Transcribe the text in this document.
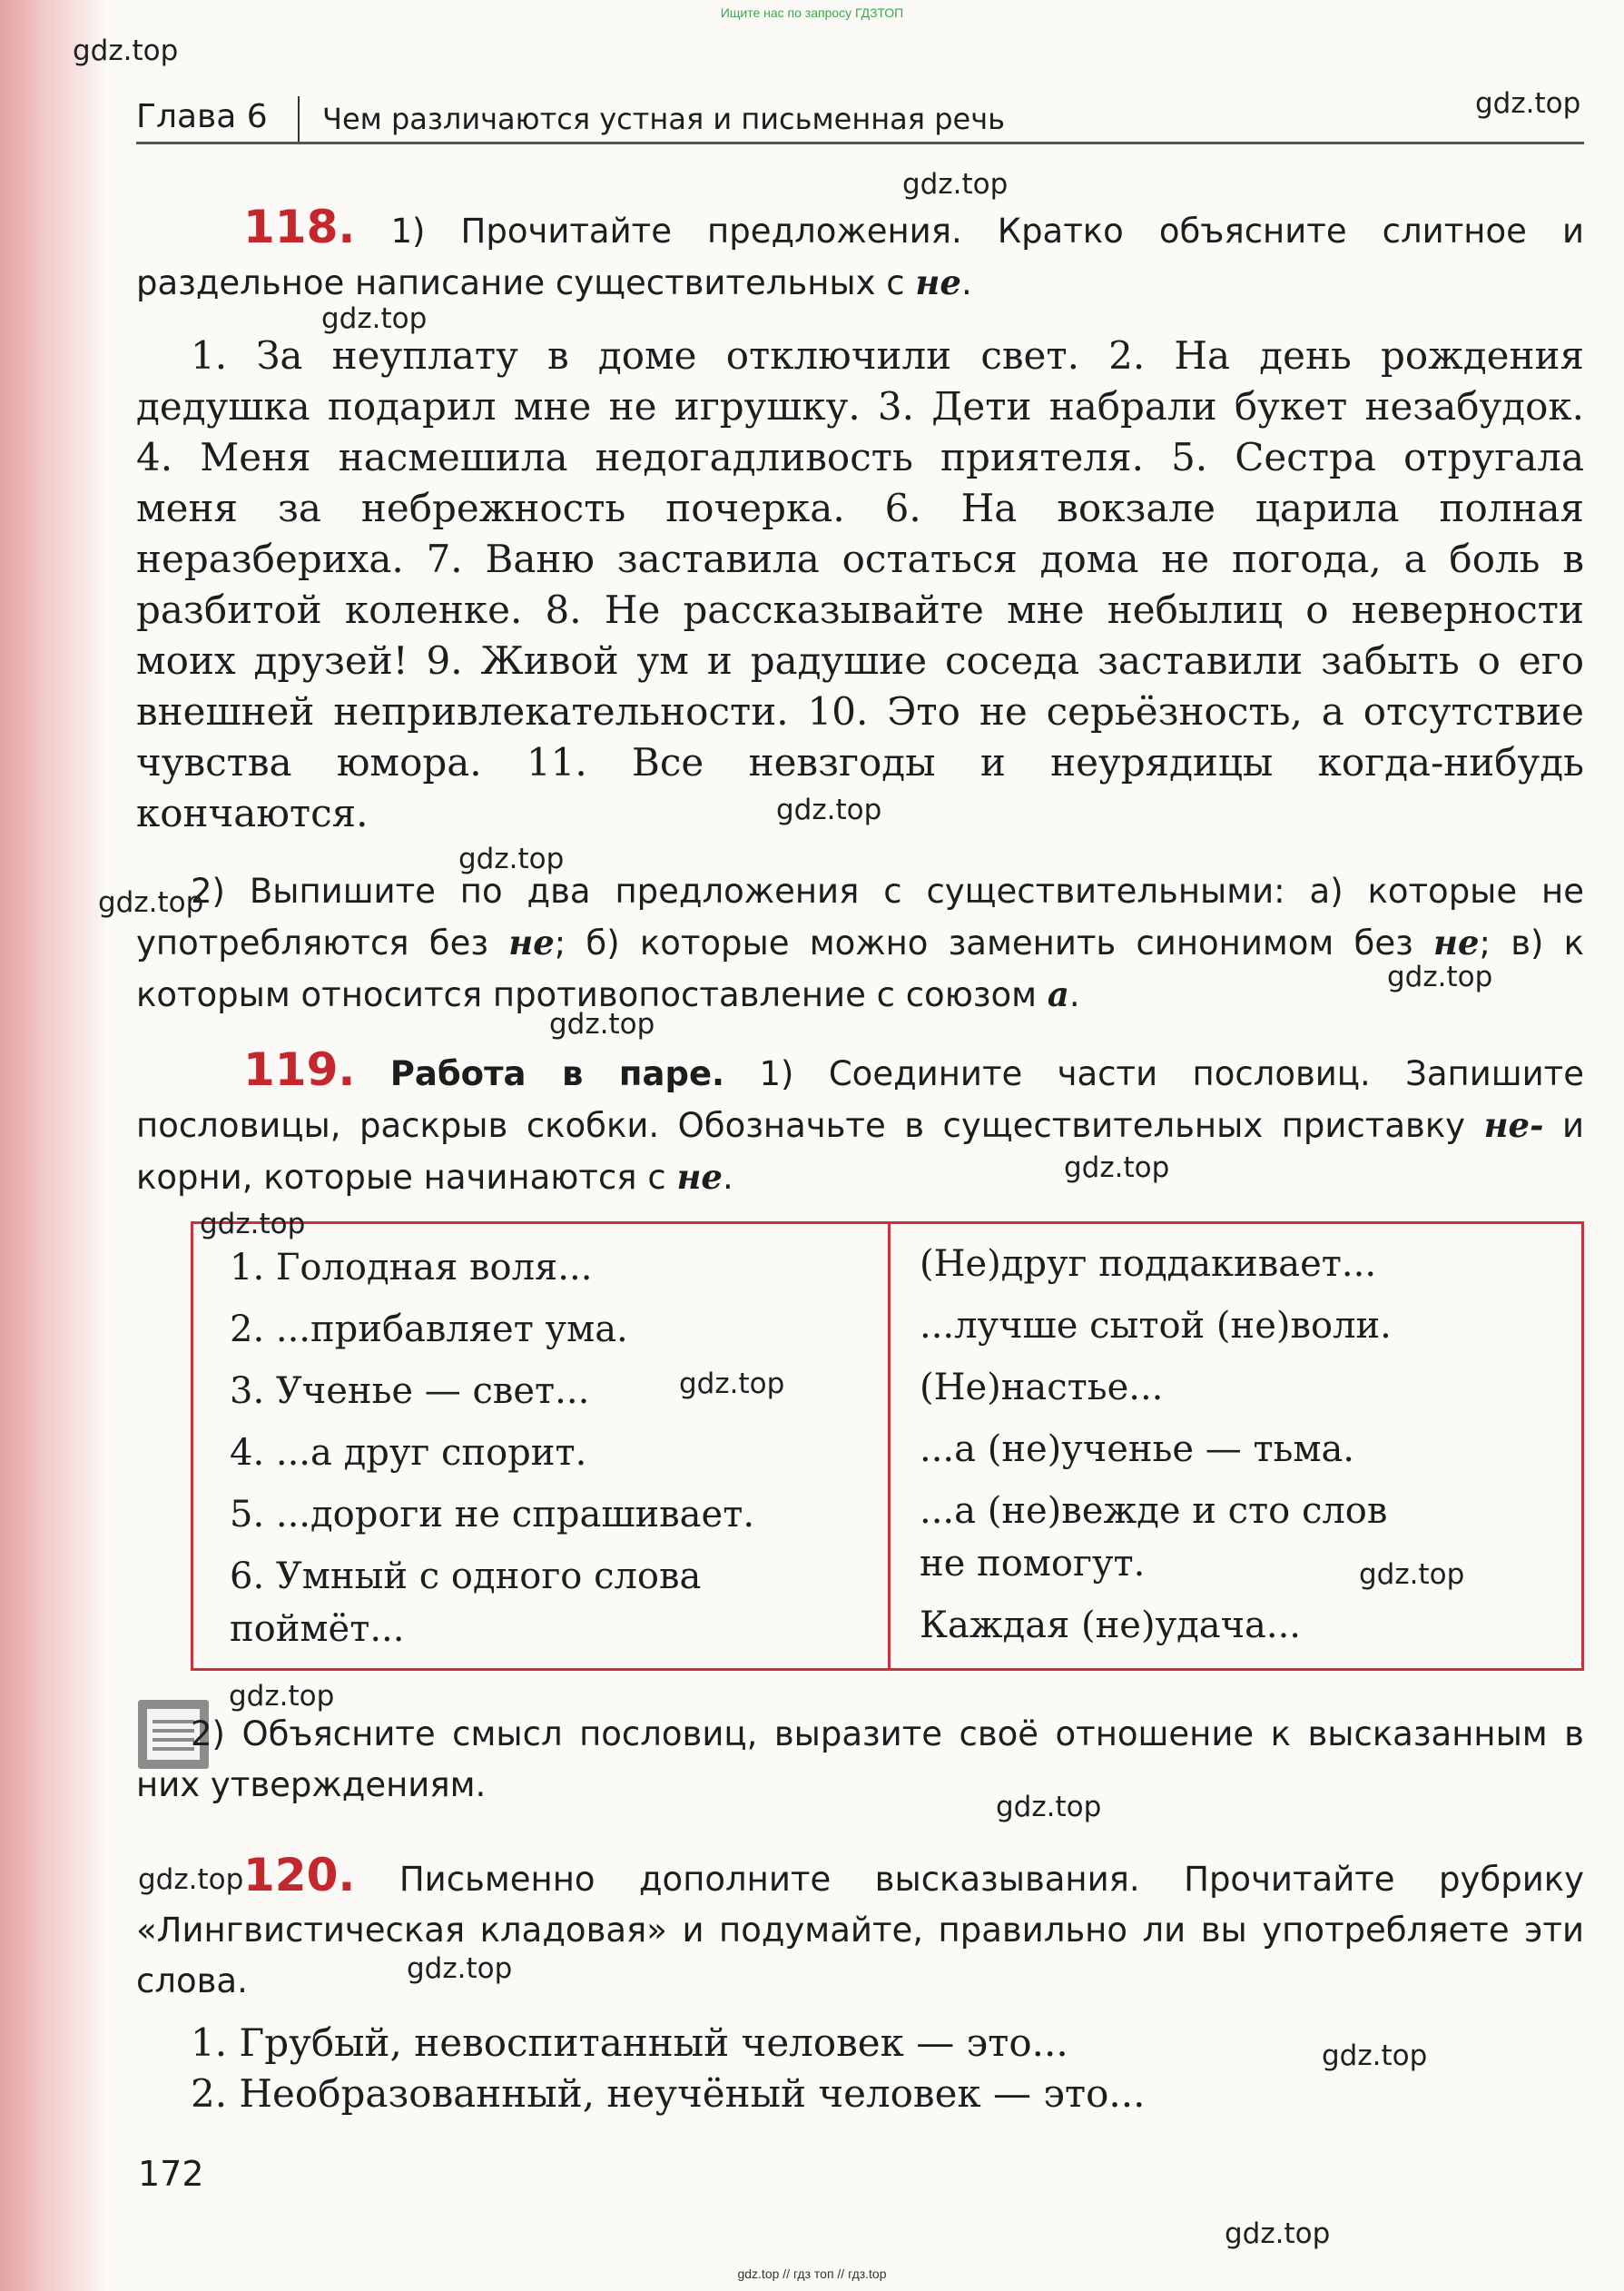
Ищите нас по запросу ГДЗТОП
Глава 6 Чем различаются устная и письменная речь
118. 1) Прочитайте предложения. Кратко объясните слитное и раздельное написание существительных с не.
1. За неуплату в доме отключили свет. 2. На день рождения дедушка подарил мне не игрушку. 3. Дети набрали букет незабудок. 4. Меня насмешила недогадливость приятеля. 5. Сестра отругала меня за небрежность почерка. 6. На вокзале царила полная неразбериха. 7. Ваню заставила остаться дома не погода, а боль в разбитой коленке. 8. Не рассказывайте мне небылиц о неверности моих друзей! 9. Живой ум и радушие соседа заставили забыть о его внешней непривлекательности. 10. Это не серьёзность, а отсутствие чувства юмора. 11. Все невзгоды и неурядицы когда-нибудь кончаются.
2) Выпишите по два предложения с существительными: а) которые не употребляются без не; б) которые можно заменить синонимом без не; в) к которым относится противопоставление с союзом а.
119. Работа в паре. 1) Соедините части пословиц. Запишите пословицы, раскрыв скобки. Обозначьте в существительных приставку не- и корни, которые начинаются с не.
1. Голодная воля...
2. ...прибавляет ума.
3. Ученье — свет...
4. ...а друг спорит.
5. ...дороги не спрашивает.
6. Умный с одного слова
поймёт...
(Не)друг поддакивает...
...лучше сытой (не)воли.
(Не)настье...
...а (не)ученье — тьма.
...а (не)вежде и сто слов
не помогут.
Каждая (не)удача...
2) Объясните смысл пословиц, выразите своё отношение к высказанным в них утверждениям.
120. Письменно дополните высказывания. Прочитайте рубрику «Лингвистическая кладовая» и подумайте, правильно ли вы употребляете эти слова.
1. Грубый, невоспитанный человек — это...
2. Необразованный, неучёный человек — это...
172
gdz.top
gdz.top
gdz.top
gdz.top
gdz.top
gdz.top
gdz.top
gdz.top
gdz.top
gdz.top
gdz.top
gdz.top
gdz.top
gdz.top
gdz.top
gdz.top
gdz.top
gdz.top
gdz.top
gdz.top // гдз топ // гдз.top
